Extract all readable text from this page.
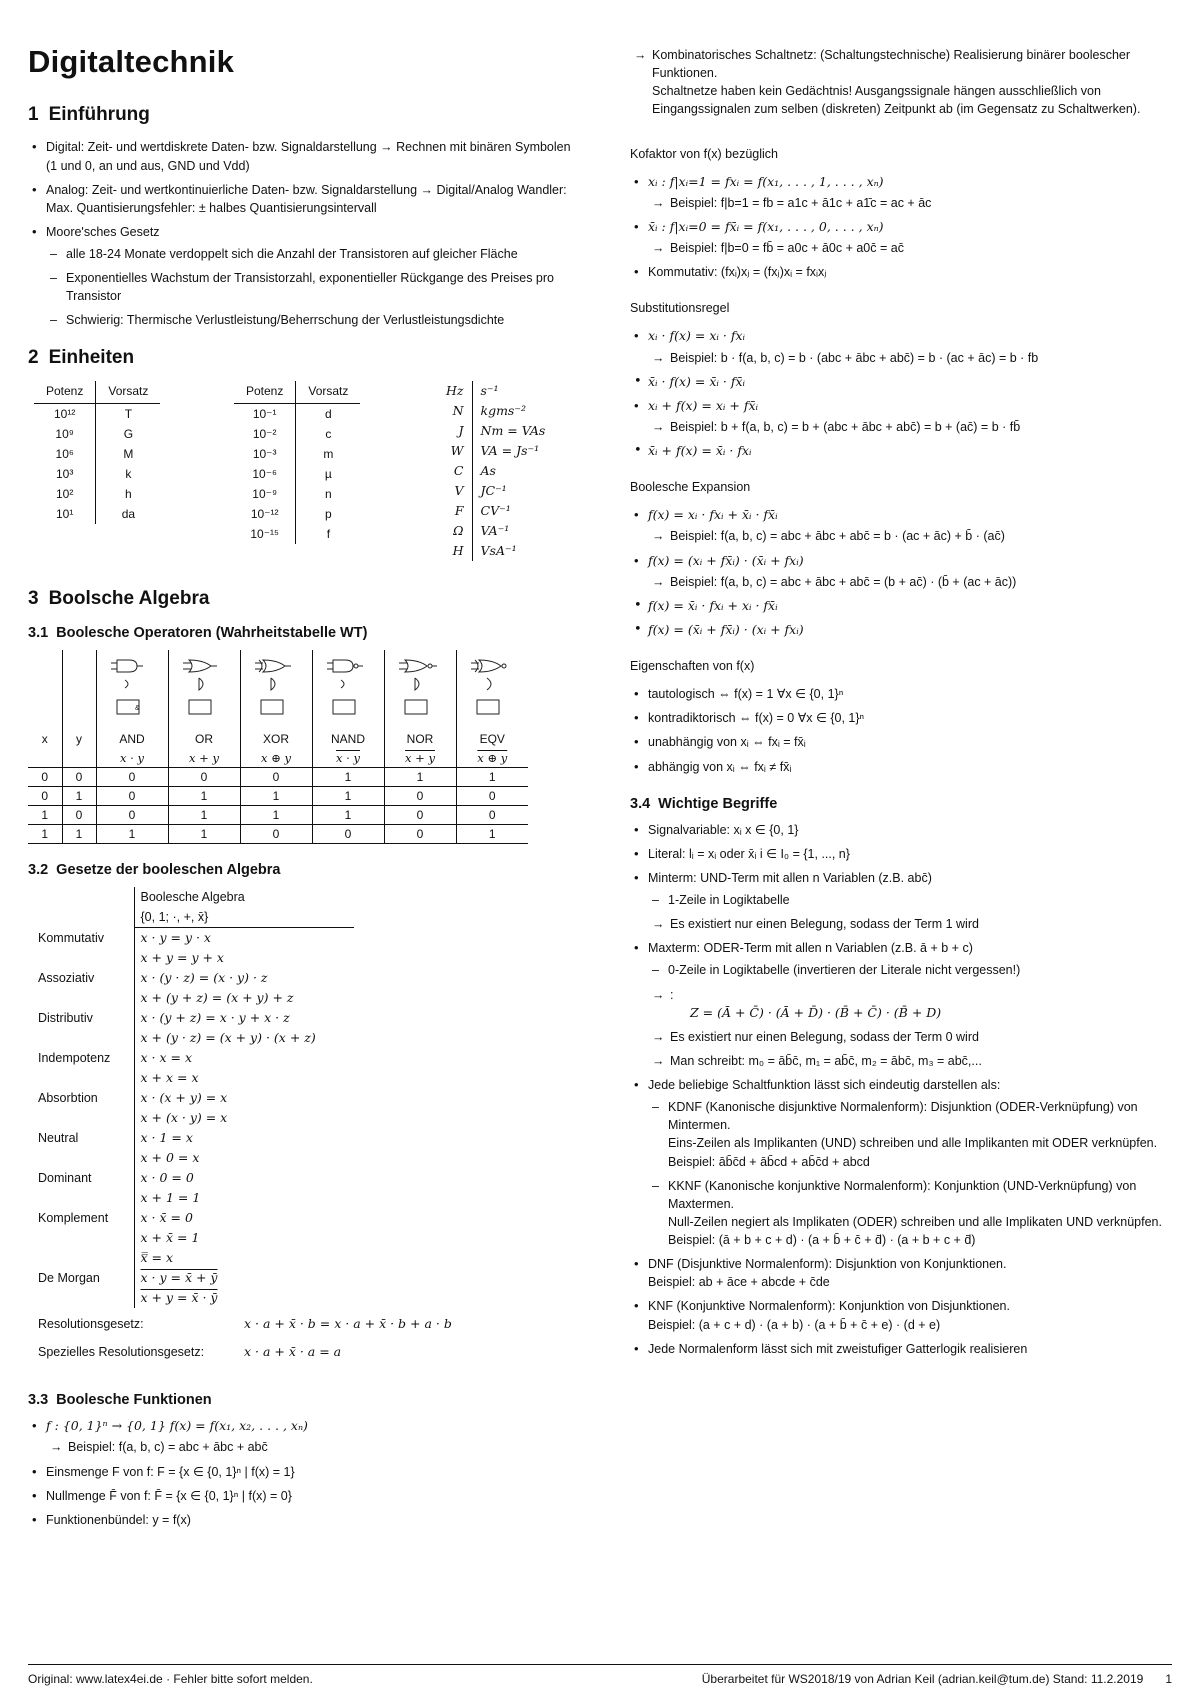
Digitaltechnik
1 Einführung
• Digital: Zeit- und wertdiskrete Daten- bzw. Signaldarstellung → Rechnen mit binären Symbolen (1 und 0, an und aus, GND und Vdd)
• Analog: Zeit- und wertkontinuierliche Daten- bzw. Signaldarstellung → Digital/Analog Wandler: Max. Quantisierungsfehler: ± halbes Quantisierungsintervall
• Moore'sches Gesetz
– alle 18-24 Monate verdoppelt sich die Anzahl der Transistoren auf gleicher Fläche
– Exponentielles Wachstum der Transistorzahl, exponentieller Rückgange des Preises pro Transistor
– Schwierig: Thermische Verlustleistung/Beherrschung der Verlustleistungsdichte
2 Einheiten
Potenz	Vorsatz
10¹²	T
10⁹	G
10⁶	M
10³	k
10²	h
10¹	da
Potenz	Vorsatz
10⁻¹	d
10⁻²	c
10⁻³	m
10⁻⁶	µ
10⁻⁹	n
10⁻¹²	p
10⁻¹⁵	f
Hz	s⁻¹
N	kgms⁻²
J	Nm = VAs
W	VA = Js⁻¹
C	As
V	JC⁻¹
F	CV⁻¹
Ω	VA⁻¹
H	VsA⁻¹
3 Boolsche Algebra
3.1 Boolesche Operatoren (Wahrheitstabelle WT)

&

x	y	AND	OR	XOR	NAND	NOR	EQV
		x · y	x + y	x ⊕ y	x · y	x + y	x ⊕ y
0	0	0	0	0	1	1	1
0	1	0	1	1	1	0	0
1	0	0	1	1	1	0	0
1	1	1	1	0	0	0	1
3.2 Gesetze der booleschen Algebra
	Boolesche Algebra
{0, 1; ·, +, x̄}
Kommutativ	x · y = y · x
x + y = y + x
Assoziativ	x · (y · z) = (x · y) · z
x + (y + z) = (x + y) + z
Distributiv	x · (y + z) = x · y + x · z
x + (y · z) = (x + y) · (x + z)
Indempotenz	x · x = x
x + x = x
Absorbtion	x · (x + y) = x
x + (x · y) = x
Neutral	x · 1 = x
x + 0 = x
Dominant	x · 0 = 0
x + 1 = 1
Komplement	x · x̄ = 0
x + x̄ = 1
x̿ = x
De Morgan	x · y = x̄ + ȳ
x + y = x̄ · ȳ
Resolutionsgesetz:	x · a + x̄ · b = x · a + x̄ · b + a · b
Spezielles Resolutionsgesetz:	x · a + x̄ · a = a
3.3 Boolesche Funktionen
• f : {0, 1}ⁿ → {0, 1} f(x) = f(x₁, x₂, . . . , xₙ)
→ Beispiel: f(a, b, c) = abc + ābc + abc̄
• Einsmenge F von f: F = {x ∈ {0, 1}ⁿ | f(x) = 1}
• Nullmenge F̄ von f: F̄ = {x ∈ {0, 1}ⁿ | f(x) = 0}
• Funktionenbündel: y = f(x)
→ Kombinatorisches Schaltnetz: (Schaltungstechnische) Realisierung binärer boolescher Funktionen.
Schaltnetze haben kein Gedächtnis! Ausgangssignale hängen ausschließlich von Eingangssignalen zum selben (diskreten) Zeitpunkt ab (im Gegensatz zu Schaltwerken).
Kofaktor von f(x) bezüglich
• xᵢ : f|xᵢ=1 = fxᵢ = f(x₁, . . . , 1, . . . , xₙ)
→ Beispiel: f|b=1 = fb = a1c + ā1c + a1̄c = ac + āc
• x̄ᵢ : f|xᵢ=0 = fx̄ᵢ = f(x₁, . . . , 0, . . . , xₙ)
→ Beispiel: f|b=0 = fb̄ = a0c + ā0c + a0c̄ = ac̄
• Kommutativ: (fxᵢ)xⱼ = (fxⱼ)xᵢ = fxᵢxⱼ
Substitutionsregel
• xᵢ · f(x) = xᵢ · fxᵢ
→ Beispiel: b · f(a, b, c) = b · (abc + ābc + abc̄) = b · (ac + āc) = b · fb
• x̄ᵢ · f(x) = x̄ᵢ · fx̄ᵢ
• xᵢ + f(x) = xᵢ + fx̄ᵢ
→ Beispiel: b + f(a, b, c) = b + (abc + ābc + abc̄) = b + (ac̄) = b · fb̄
• x̄ᵢ + f(x) = x̄ᵢ · fxᵢ
Boolesche Expansion
• f(x) = xᵢ · fxᵢ + x̄ᵢ · fx̄ᵢ
→ Beispiel: f(a, b, c) = abc + ābc + abc̄ = b · (ac + āc) + b̄ · (ac̄)
• f(x) = (xᵢ + fx̄ᵢ) · (x̄ᵢ + fxᵢ)
→ Beispiel: f(a, b, c) = abc + ābc + abc̄ = (b + ac̄) · (b̄ + (ac + āc))
• f(x) = x̄ᵢ · fxᵢ + xᵢ · fx̄ᵢ
• f(x) = (x̄ᵢ + fx̄ᵢ) · (xᵢ + fxᵢ)
Eigenschaften von f(x)
• tautologisch ⇔ f(x) = 1 ∀x ∈ {0, 1}ⁿ
• kontradiktorisch ⇔ f(x) = 0 ∀x ∈ {0, 1}ⁿ
• unabhängig von xᵢ ⇔ fxᵢ = fx̄ᵢ
• abhängig von xᵢ ⇔ fxᵢ ≠ fx̄ᵢ
3.4 Wichtige Begriffe
• Signalvariable: xᵢ x ∈ {0, 1}
• Literal: lᵢ = xᵢ oder x̄ᵢ i ∈ I₀ = {1, ..., n}
• Minterm: UND-Term mit allen n Variablen (z.B. abc̄)
– 1-Zeile in Logiktabelle
→ Es existiert nur einen Belegung, sodass der Term 1 wird
• Maxterm: ODER-Term mit allen n Variablen (z.B. ā + b + c)
– 0-Zeile in Logiktabelle (invertieren der Literale nicht vergessen!)
→ :
Z = (Ā + C̄) · (Ā + D̄) · (B̄ + C̄) · (B̄ + D)
→ Es existiert nur einen Belegung, sodass der Term 0 wird
→ Man schreibt: m₀ = āb̄c̄, m₁ = ab̄c̄, m₂ = ābc̄, m₃ = abc̄,...
• Jede beliebige Schaltfunktion lässt sich eindeutig darstellen als:
– KDNF (Kanonische disjunktive Normalenform): Disjunktion (ODER-Verknüpfung) von Mintermen.
Eins-Zeilen als Implikanten (UND) schreiben und alle Implikanten mit ODER verknüpfen.
Beispiel: āb̄c̄d + āb̄cd + ab̄c̄d + abcd
– KKNF (Kanonische konjunktive Normalenform): Konjunktion (UND-Verknüpfung) von Maxtermen.
Null-Zeilen negiert als Implikaten (ODER) schreiben und alle Implikaten UND verknüpfen.
Beispiel: (ā + b + c + d) · (a + b̄ + c̄ + d̄) · (a + b + c + d̄)
• DNF (Disjunktive Normalenform): Disjunktion von Konjunktionen.
Beispiel: ab + āce + abcde + c̄de
• KNF (Konjunktive Normalenform): Konjunktion von Disjunktionen.
Beispiel: (a + c + d) · (a + b) · (a + b̄ + c̄ + e) · (d + e)
• Jede Normalenform lässt sich mit zweistufiger Gatterlogik realisieren
Original: www.latex4ei.de · Fehler bitte sofort melden.	Überarbeitet für WS2018/19 von Adrian Keil (adrian.keil@tum.de) Stand: 11.2.2019 1
